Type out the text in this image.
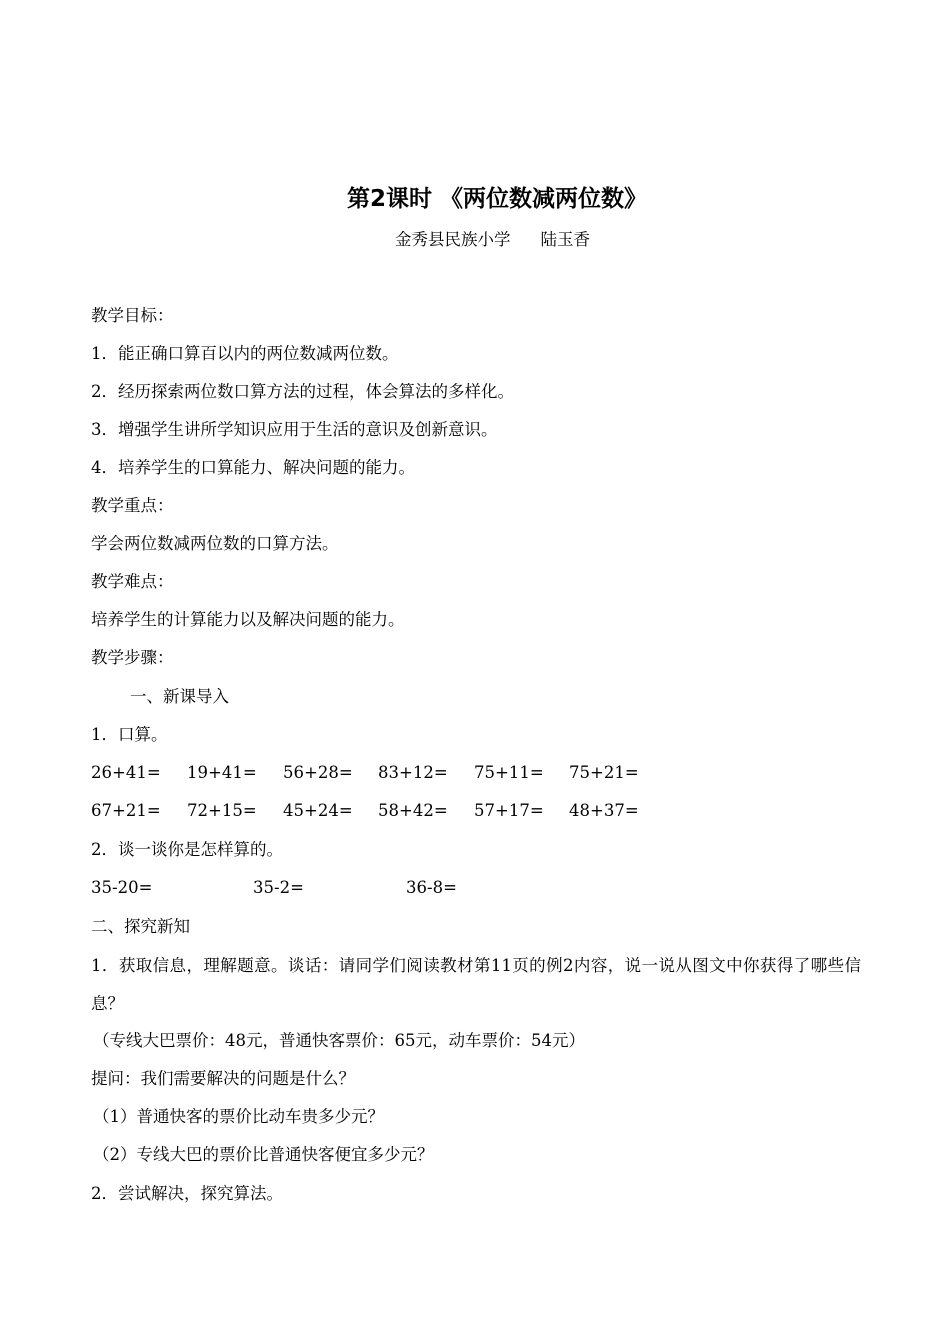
第2课时 《两位数减两位数》
金秀县民族小学 陆玉香
教学目标：
1．能正确口算百以内的两位数减两位数。
2．经历探索两位数口算方法的过程，体会算法的多样化。
3．增强学生讲所学知识应用于生活的意识及创新意识。
4．培养学生的口算能力、解决问题的能力。
教学重点：
学会两位数减两位数的口算方法。
教学难点：
培养学生的计算能力以及解决问题的能力。
教学步骤：
一、新课导入
1．口算。
26+41= 19+41= 56+28= 83+12= 75+11= 75+21=
67+21= 72+15= 45+24= 58+42= 57+17= 48+37=
2．谈一谈你是怎样算的。
35-20=	35-2=	36-8=
二、探究新知
1．获取信息，理解题意。谈话：请同学们阅读教材第11页的例2内容，说一说从图文中你获得了哪些信息？
（专线大巴票价：48元，普通快客票价：65元，动车票价：54元）
提问：我们需要解决的问题是什么？
（1）普通快客的票价比动车贵多少元？
（2）专线大巴的票价比普通快客便宜多少元？
2．尝试解决，探究算法。
